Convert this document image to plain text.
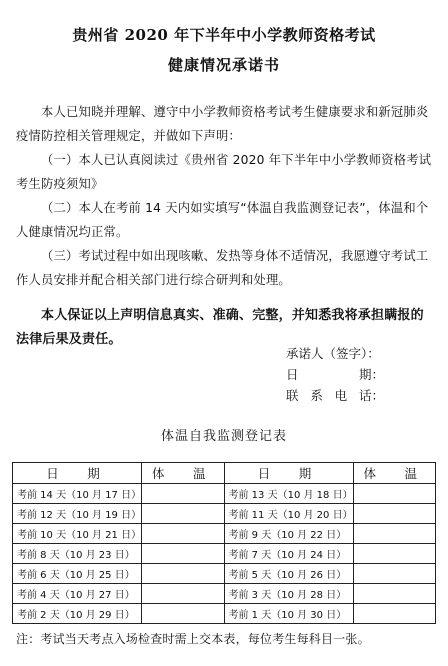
贵州省 2020 年下半年中小学教师资格考试
健康情况承诺书

本人已知晓并理解、遵守中小学教师资格考试考生健康要求和新冠肺炎疫情防控相关管理规定，并做如下声明：

（一）本人已认真阅读过《贵州省 2020 年下半年中小学教师资格考试考生防疫须知》

（二）本人在考前 14 天内如实填写“体温自我监测登记表”，体温和个人健康情况均正常。

（三）考试过程中如出现咳嗽、发热等身体不适情况，我愿遵守考试工作人员安排并配合相关部门进行综合研判和处理。

本人保证以上声明信息真实、准确、完整，并知悉我将承担瞒报的法律后果及责任。

承诺人（签字）：
日	期：
联 系 电 话：
体温自我监测登记表
日　期	体　温	日　期	体　温
考前 14 天（10 月 17 日）		考前 13 天（10 月 18 日）	
考前 12 天（10 月 19 日）		考前 11 天（10 月 20 日）	
考前 10 天（10 月 21 日）		考前 9 天（10 月 22 日）	
考前 8 天（10 月 23 日）		考前 7 天（10 月 24 日）	
考前 6 天（10 月 25 日）		考前 5 天（10 月 26 日）	
考前 4 天（10 月 27 日）		考前 3 天（10 月 28 日）	
考前 2 天（10 月 29 日）		考前 1 天（10 月 30 日）	
注：考试当天考点入场检查时需上交本表，每位考生每科目一张。
